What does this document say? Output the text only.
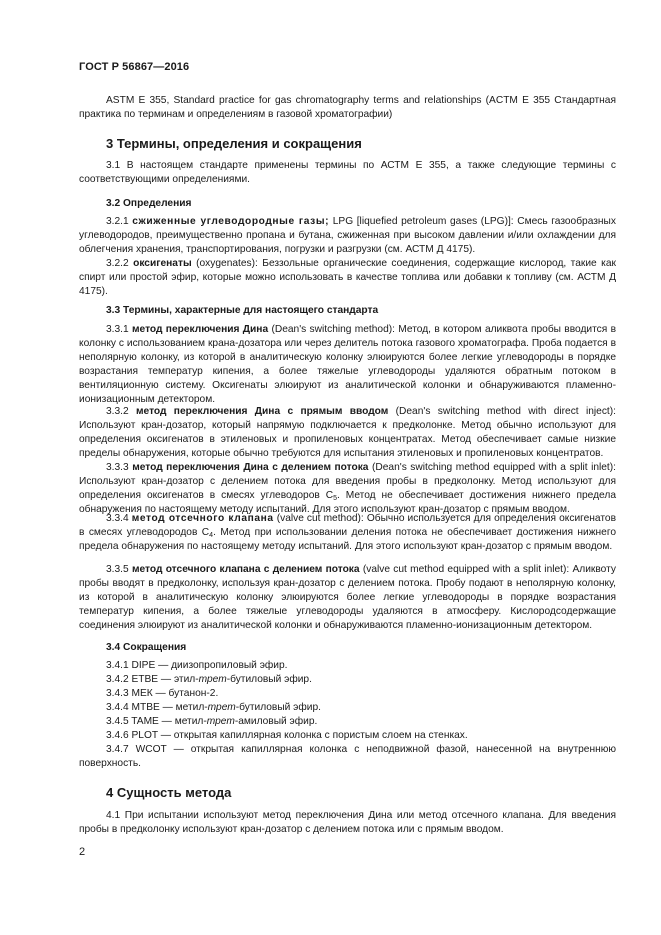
ГОСТ Р 56867—2016

ASTM E 355, Standard practice for gas chromatography terms and relationships (ACTM E 355 Стандартная практика по терминам и определениям в газовой хроматографии)

3 Термины, определения и сокращения

3.1 В настоящем стандарте применены термины по АСТМ Е 355, а также следующие термины с соответствующими определениями.

3.2 Определения

3.2.1 сжиженные углеводородные газы; LPG [liquefied petroleum gases (LPG)]: Смесь газообразных углеводородов, преимущественно пропана и бутана, сжиженная при высоком давлении и/или охлаждении для облегчения хранения, транспортирования, погрузки и разгрузки (см. АСТМ Д 4175).

3.2.2 оксигенаты (oxygenates): Беззольные органические соединения, содержащие кислород, такие как спирт или простой эфир, которые можно использовать в качестве топлива или добавки к топливу (см. АСТМ Д 4175).

3.3 Термины, характерные для настоящего стандарта

3.3.1 метод переключения Дина (Dean's switching method): Метод, в котором аликвота пробы вводится в колонку с использованием крана-дозатора или через делитель потока газового хроматографа. Проба подается в неполярную колонку, из которой в аналитическую колонку элюируются более легкие углеводороды в порядке возрастания температур кипения, а более тяжелые углеводороды удаляются обратным потоком в вентиляционную систему. Оксигенаты элюируют из аналитической колонки и обнаруживаются пламенно-ионизационным детектором.

3.3.2 метод переключения Дина с прямым вводом (Dean's switching method with direct inject): Используют кран-дозатор, который напрямую подключается к предколонке. Метод обычно используют для определения оксигенатов в этиленовых и пропиленовых концентратах. Метод обеспечивает самые низкие пределы обнаружения, которые обычно требуются для испытания этиленовых и пропиленовых концентратов.

3.3.3 метод переключения Дина с делением потока (Dean's switching method equipped with a split inlet): Используют кран-дозатор с делением потока для введения пробы в предколонку. Метод используют для определения оксигенатов в смесях углеводоров $С_5$. Метод не обеспечивает достижения нижнего предела обнаружения по настоящему методу испытаний. Для этого используют кран-дозатор с прямым вводом.

3.3.4 метод отсечного клапана (valve cut method): Обычно используется для определения оксигенатов в смесях углеводородов $С_4$. Метод при использовании деления потока не обеспечивает достижения нижнего предела обнаружения по настоящему методу испытаний. Для этого используют кран-дозатор с прямым вводом.

3.3.5 метод отсечного клапана с делением потока (valve cut method equipped with a split inlet): Аликвоту пробы вводят в предколонку, используя кран-дозатор с делением потока. Пробу подают в неполярную колонку, из которой в аналитическую колонку элюируются более легкие углеводороды в порядке возрастания температур кипения, а более тяжелые углеводороды удаляются в атмосферу. Кислородсодержащие соединения элюируют из аналитической колонки и обнаруживаются пламенно-ионизационным детектором.

3.4 Сокращения
3.4.1 DIPE — диизопропиловый эфир.
3.4.2 ETBE — этил-трет-бутиловый эфир.
3.4.3 МЕК — бутанон-2.
3.4.4 MTBE — метил-трет-бутиловый эфир.
3.4.5 TAME — метил-трет-амиловый эфир.
3.4.6 PLOT — открытая капиллярная колонка с пористым слоем на стенках.

3.4.7 WCOT — открытая капиллярная колонка с неподвижной фазой, нанесенной на внутреннюю поверхность.

4 Сущность метода

4.1 При испытании используют метод переключения Дина или метод отсечного клапана. Для введения пробы в предколонку используют кран-дозатор с делением потока или с прямым вводом.

2
